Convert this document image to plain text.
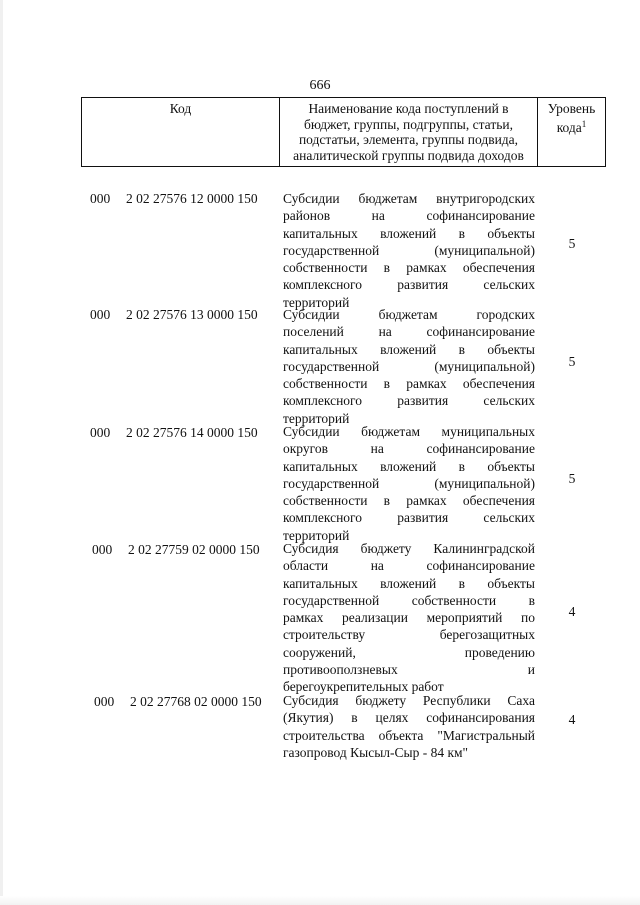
666
Код	Наименование кода поступлений в
бюджет, группы, подгруппы, статьи,
подстатьи, элемента, группы подвида,
аналитической группы подвида доходов
Уровень
кода$^1$
000 2 02 27576 12 0000 150 Субсидии бюджетам внутригородских
районов на софинансирование
капитальных вложений в объекты
государственной (муниципальной)
собственности в рамках обеспечения
комплексного развития сельских
территорий
5
000 2 02 27576 13 0000 150 Субсидии бюджетам городских
поселений на софинансирование
капитальных вложений в объекты
государственной (муниципальной)
собственности в рамках обеспечения
комплексного развития сельских
территорий
5
000 2 02 27576 14 0000 150 Субсидии бюджетам муниципальных
округов на софинансирование
капитальных вложений в объекты
государственной (муниципальной)
собственности в рамках обеспечения
комплексного развития сельских
территорий
5
000 2 02 27759 02 0000 150 Субсидия бюджету Калининградской
области на софинансирование
капитальных вложений в объекты
государственной собственности в
рамках реализации мероприятий по
строительству берегозащитных
сооружений, проведению
противооползневых и
берегоукрепительных работ
4
000 2 02 27768 02 0000 150 Субсидия бюджету Республики Саха
(Якутия) в целях софинансирования
строительства объекта "Магистральный
газопровод Кысыл-Сыр - 84 км"
4
